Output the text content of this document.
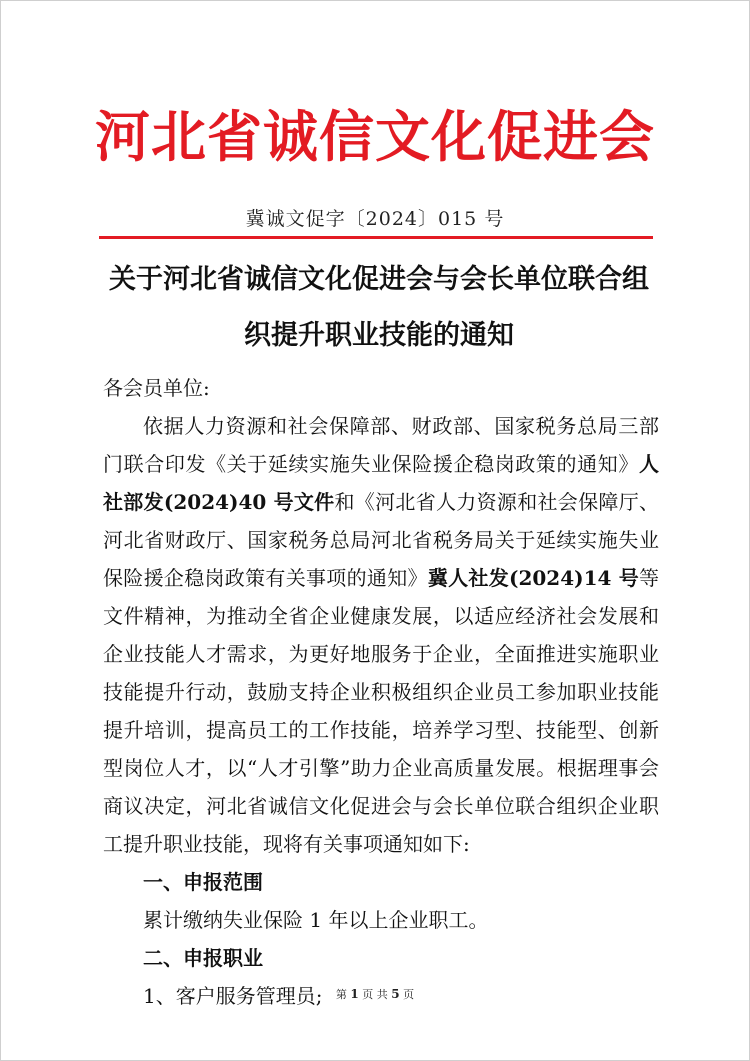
河北省诚信文化促进会
冀诚文促字〔2024〕015 号
关于河北省诚信文化促进会与会长单位联合组织提升职业技能的通知

各会员单位:

依据人力资源和社会保障部、财政部、国家税务总局三部门联合印发《关于延续实施失业保险援企稳岗政策的通知》人社部发(2024)40 号文件和《河北省人力资源和社会保障厅、河北省财政厅、国家税务总局河北省税务局关于延续实施失业保险援企稳岗政策有关事项的通知》冀人社发(2024)14 号等文件精神，为推动全省企业健康发展，以适应经济社会发展和企业技能人才需求，为更好地服务于企业，全面推进实施职业技能提升行动，鼓励支持企业积极组织企业员工参加职业技能提升培训，提高员工的工作技能，培养学习型、技能型、创新型岗位人才，以“人才引擎”助力企业高质量发展。根据理事会商议决定，河北省诚信文化促进会与会长单位联合组织企业职工提升职业技能，现将有关事项通知如下:

一、申报范围

累计缴纳失业保险 1 年以上企业职工。

二、申报职业

1、客户服务管理员;	第 1 页 共 5 页
